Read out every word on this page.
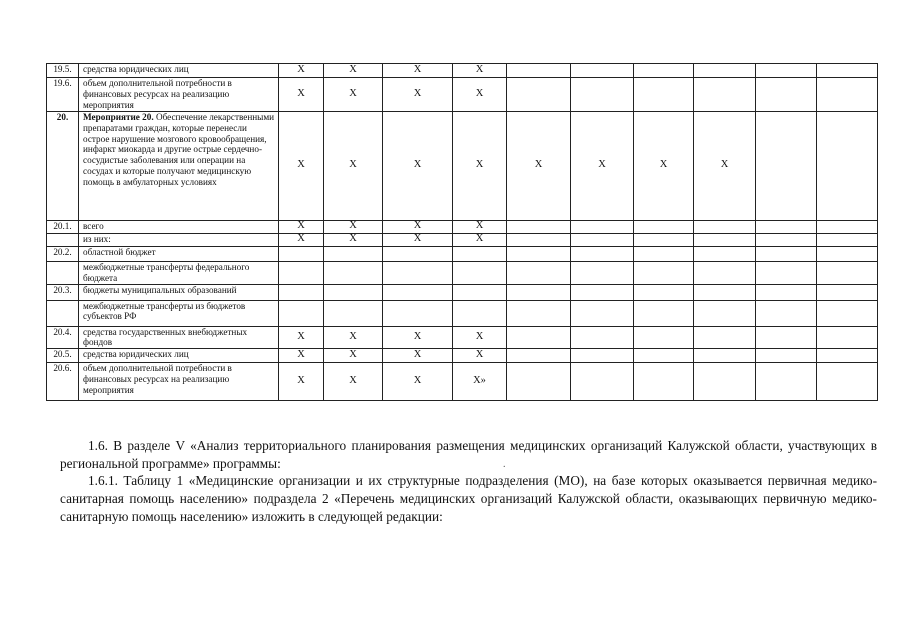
19.5.	средства юридических лиц	X	X	X	X						
19.6.	объем дополнительной потребности в финансовых ресурсах на реализацию мероприятия	X	X	X	X						
20.	Мероприятие 20. Обеспечение лекарственными препаратами граждан, которые перенесли острое нарушение мозгового кровообращения, инфаркт миокарда и другие острые сердечно-сосудистые заболевания или операции на сосудах и которые получают медицинскую помощь в амбулаторных условиях	X	X	X	X	X	X	X	X		
20.1.	всего	X	X	X	X						
	из них:	X	X	X	X						
20.2.	областной бюджет										
	межбюджетные трансферты федерального бюджета										
20.3.	бюджеты муниципальных образований										
	межбюджетные трансферты из бюджетов субъектов РФ										
20.4.	средства государственных внебюджетных фондов	X	X	X	X						
20.5.	средства юридических лиц	X	X	X	X						
20.6.	объем дополнительной потребности в финансовых ресурсах на реализацию мероприятия	X	X	X	X»						
1.6. В разделе V «Анализ территориального планирования размещения медицинских организаций Калужской области, участвующих в региональной программе» программы:
1.6.1. Таблицу 1 «Медицинские организации и их структурные подразделения (МО), на базе которых оказывается первичная медико-санитарная помощь населению» подраздела 2 «Перечень медицинских организаций Калужской области, оказывающих первичную медико-санитарную помощь населению» изложить в следующей редакции:
.
